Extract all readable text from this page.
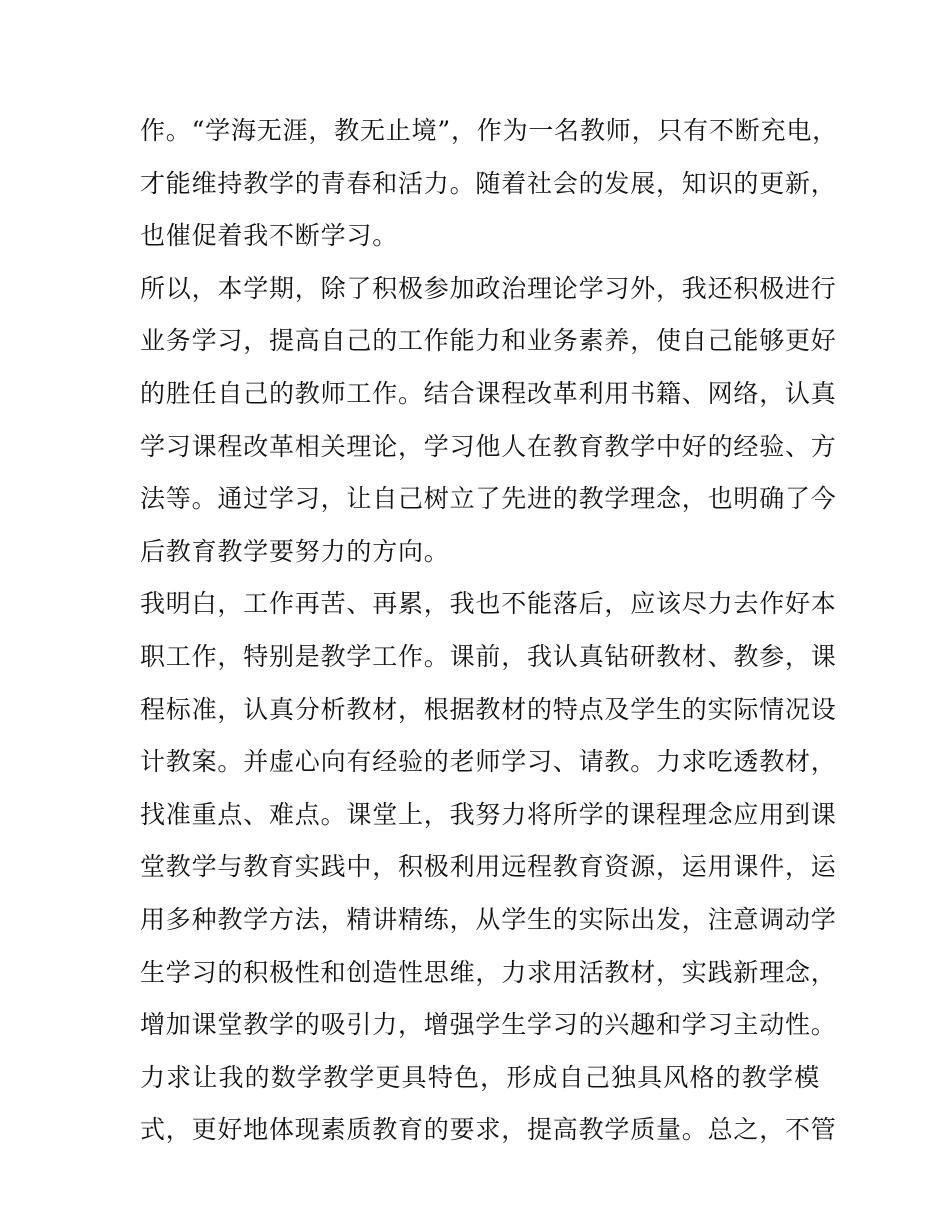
作。“学海无涯，教无止境”，作为一名教师，只有不断充电，
才能维持教学的青春和活力。随着社会的发展，知识的更新，
也催促着我不断学习。
所以，本学期，除了积极参加政治理论学习外，我还积极进行
业务学习，提高自己的工作能力和业务素养，使自己能够更好
的胜任自己的教师工作。结合课程改革利用书籍、网络，认真
学习课程改革相关理论，学习他人在教育教学中好的经验、方
法等。通过学习，让自己树立了先进的教学理念，也明确了今
后教育教学要努力的方向。
我明白，工作再苦、再累，我也不能落后，应该尽力去作好本
职工作，特别是教学工作。课前，我认真钻研教材、教参，课
程标准，认真分析教材，根据教材的特点及学生的实际情况设
计教案。并虚心向有经验的老师学习、请教。力求吃透教材，
找准重点、难点。课堂上，我努力将所学的课程理念应用到课
堂教学与教育实践中，积极利用远程教育资源，运用课件，运
用多种教学方法，精讲精练，从学生的实际出发，注意调动学
生学习的积极性和创造性思维，力求用活教材，实践新理念，
增加课堂教学的吸引力，增强学生学习的兴趣和学习主动性。
力求让我的数学教学更具特色，形成自己独具风格的教学模
式，更好地体现素质教育的要求，提高教学质量。总之，不管
